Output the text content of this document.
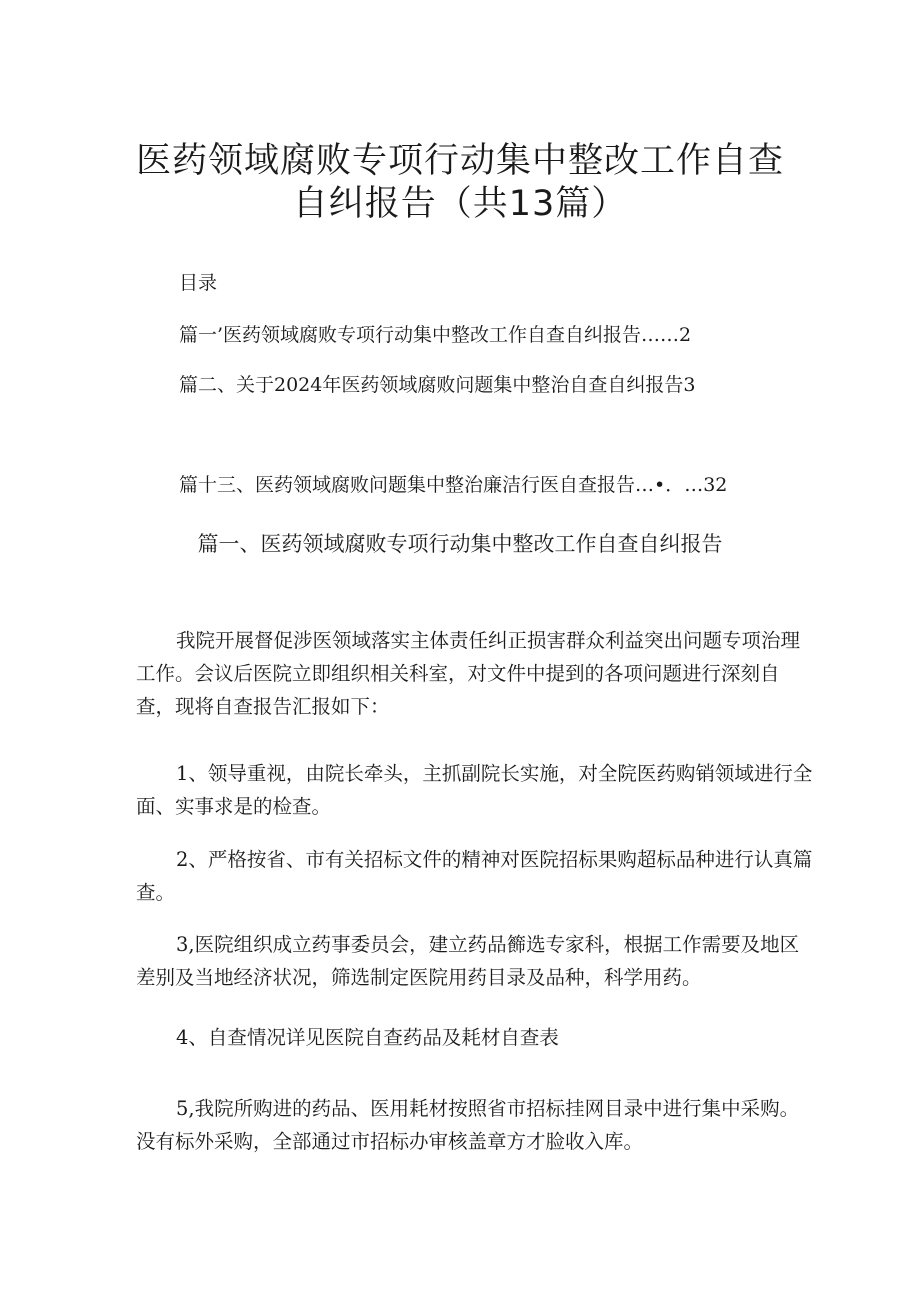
医药领域腐败专项行动集中整改工作自查
自纠报告（共13篇）

目录

篇一’医药领域腐败专项行动集中整改工作自查自纠报告……2

篇二、关于2024年医药领域腐败问题集中整治自查自纠报告3

篇十三、医药领域腐败问题集中整治廉洁行医自查报告…•．…32

篇一、医药领域腐败专项行动集中整改工作自查自纠报告

我院开展督促涉医领域落实主体责任纠正损害群众利益突出问题专项治理工作。会议后医院立即组织相关科室，对文件中提到的各项问题进行深刻自查，现将自查报告汇报如下：

1、领导重视，由院长牵头，主抓副院长实施，对全院医药购销领域进行全面、实事求是的检查。

2、严格按省、市有关招标文件的精神对医院招标果购超标品种进行认真篇查。

3,医院组织成立药事委员会，建立药品籂选专家科，根据工作需要及地区差别及当地经济状况，筛选制定医院用药目录及品种，科学用药。

4、自查情况详见医院自查药品及耗材自查表

5,我院所购进的药品、医用耗材按照省市招标挂网目录中进行集中采购。没有标外采购，全部通过市招标办审核盖章方才脸收入库。
